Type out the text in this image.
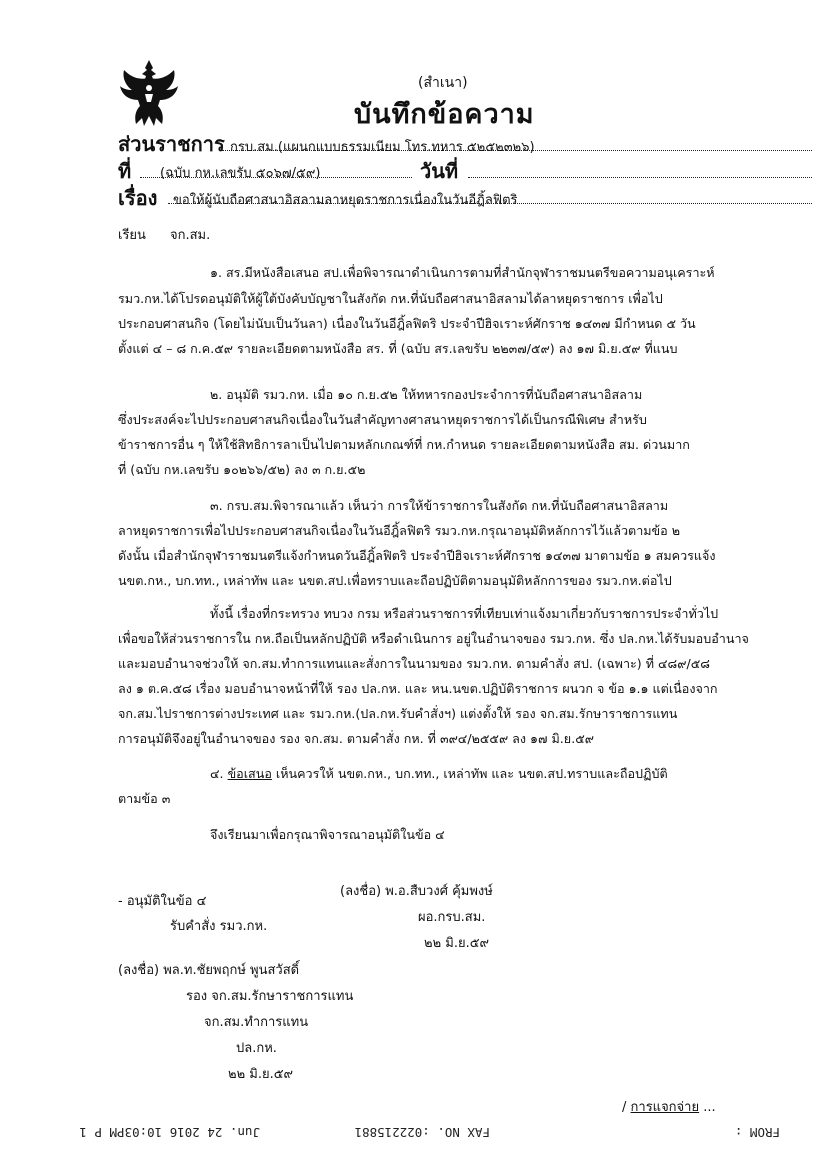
(สำเนา)
บันทึกข้อความ
ส่วนราชการ กรบ.สม.(แผนกแบบธรรมเนียม โทร.ทหาร ๕๒๕๒๓๒๖)
ที่ (ฉบับ กห.เลขรับ ๕๐๖๗/๕๙)	วันที่
เรื่อง ขอให้ผู้นับถือศาสนาอิสลามลาหยุดราชการเนื่องในวันอีฎิ้ลฟิตริ
เรียน จก.สม.
๑. สร.มีหนังสือเสนอ สป.เพื่อพิจารณาดำเนินการตามที่สำนักจุฬาราชมนตรีขอความอนุเคราะห์
รมว.กห.ได้โปรดอนุมัติให้ผู้ใต้บังคับบัญชาในสังกัด กห.ที่นับถือศาสนาอิสลามได้ลาหยุดราชการ เพื่อไป
ประกอบศาสนกิจ (โดยไม่นับเป็นวันลา) เนื่องในวันอีฎิ้ลฟิตริ ประจำปีฮิจเราะห์ศักราช ๑๔๓๗ มีกำหนด ๕ วัน
ตั้งแต่ ๔ – ๘ ก.ค.๕๙ รายละเอียดตามหนังสือ สร. ที่ (ฉบับ สร.เลขรับ ๒๒๓๗/๕๙) ลง ๑๗ มิ.ย.๕๙ ที่แนบ
๒. อนุมัติ รมว.กห. เมื่อ ๑๐ ก.ย.๕๒ ให้ทหารกองประจำการที่นับถือศาสนาอิสลาม
ซึ่งประสงค์จะไปประกอบศาสนกิจเนื่องในวันสำคัญทางศาสนาหยุดราชการได้เป็นกรณีพิเศษ สำหรับ
ข้าราชการอื่น ๆ ให้ใช้สิทธิการลาเป็นไปตามหลักเกณฑ์ที่ กห.กำหนด รายละเอียดตามหนังสือ สม. ด่วนมาก
ที่ (ฉบับ กห.เลขรับ ๑๐๒๖๖/๕๒) ลง ๓ ก.ย.๕๒
๓. กรบ.สม.พิจารณาแล้ว เห็นว่า การให้ข้าราชการในสังกัด กห.ที่นับถือศาสนาอิสลาม
ลาหยุดราชการเพื่อไปประกอบศาสนกิจเนื่องในวันอีฎิ้ลฟิตริ รมว.กห.กรุณาอนุมัติหลักการไว้แล้วตามข้อ ๒
ดังนั้น เมื่อสำนักจุฬาราชมนตรีแจ้งกำหนดวันอีฎิ้ลฟิตริ ประจำปีฮิจเราะห์ศักราช ๑๔๓๗ มาตามข้อ ๑ สมควรแจ้ง
นขต.กห., บก.ทท., เหล่าทัพ และ นขต.สป.เพื่อทราบและถือปฏิบัติตามอนุมัติหลักการของ รมว.กห.ต่อไป
ทั้งนี้ เรื่องที่กระทรวง ทบวง กรม หรือส่วนราชการที่เทียบเท่าแจ้งมาเกี่ยวกับราชการประจำทั่วไป
เพื่อขอให้ส่วนราชการใน กห.ถือเป็นหลักปฏิบัติ หรือดำเนินการ อยู่ในอำนาจของ รมว.กห. ซึ่ง ปล.กห.ได้รับมอบอำนาจ
และมอบอำนาจช่วงให้ จก.สม.ทำการแทนและสั่งการในนามของ รมว.กห. ตามคำสั่ง สป. (เฉพาะ) ที่ ๔๘๙/๕๘
ลง ๑ ต.ค.๕๘ เรื่อง มอบอำนาจหน้าที่ให้ รอง ปล.กห. และ หน.นขต.ปฏิบัติราชการ ผนวก จ ข้อ ๑.๑ แต่เนื่องจาก
จก.สม.ไปราชการต่างประเทศ และ รมว.กห.(ปล.กห.รับคำสั่งฯ) แต่งตั้งให้ รอง จก.สม.รักษาราชการแทน
การอนุมัติจึงอยู่ในอำนาจของ รอง จก.สม. ตามคำสั่ง กห. ที่ ๓๙๔/๒๕๕๙ ลง ๑๗ มิ.ย.๕๙
๔. ข้อเสนอ เห็นควรให้ นขต.กห., บก.ทท., เหล่าทัพ และ นขต.สป.ทราบและถือปฏิบัติ
ตามข้อ ๓
จึงเรียนมาเพื่อกรุณาพิจารณาอนุมัติในข้อ ๔
(ลงชื่อ) พ.อ.สืบวงศ์ คุ้มพงษ์
ผอ.กรบ.สม.
๒๒ มิ.ย.๕๙
- อนุมัติในข้อ ๔
รับคำสั่ง รมว.กห.
(ลงชื่อ) พล.ท.ชัยพฤกษ์ พูนสวัสดิ์
รอง จก.สม.รักษาราชการแทน
จก.สม.ทำการแทน
ปล.กห.
๒๒ มิ.ย.๕๙
/ การแจกจ่าย ...
FROM :
FAX NO. :022215881
Jun. 24 2016 10:03PM P 1
